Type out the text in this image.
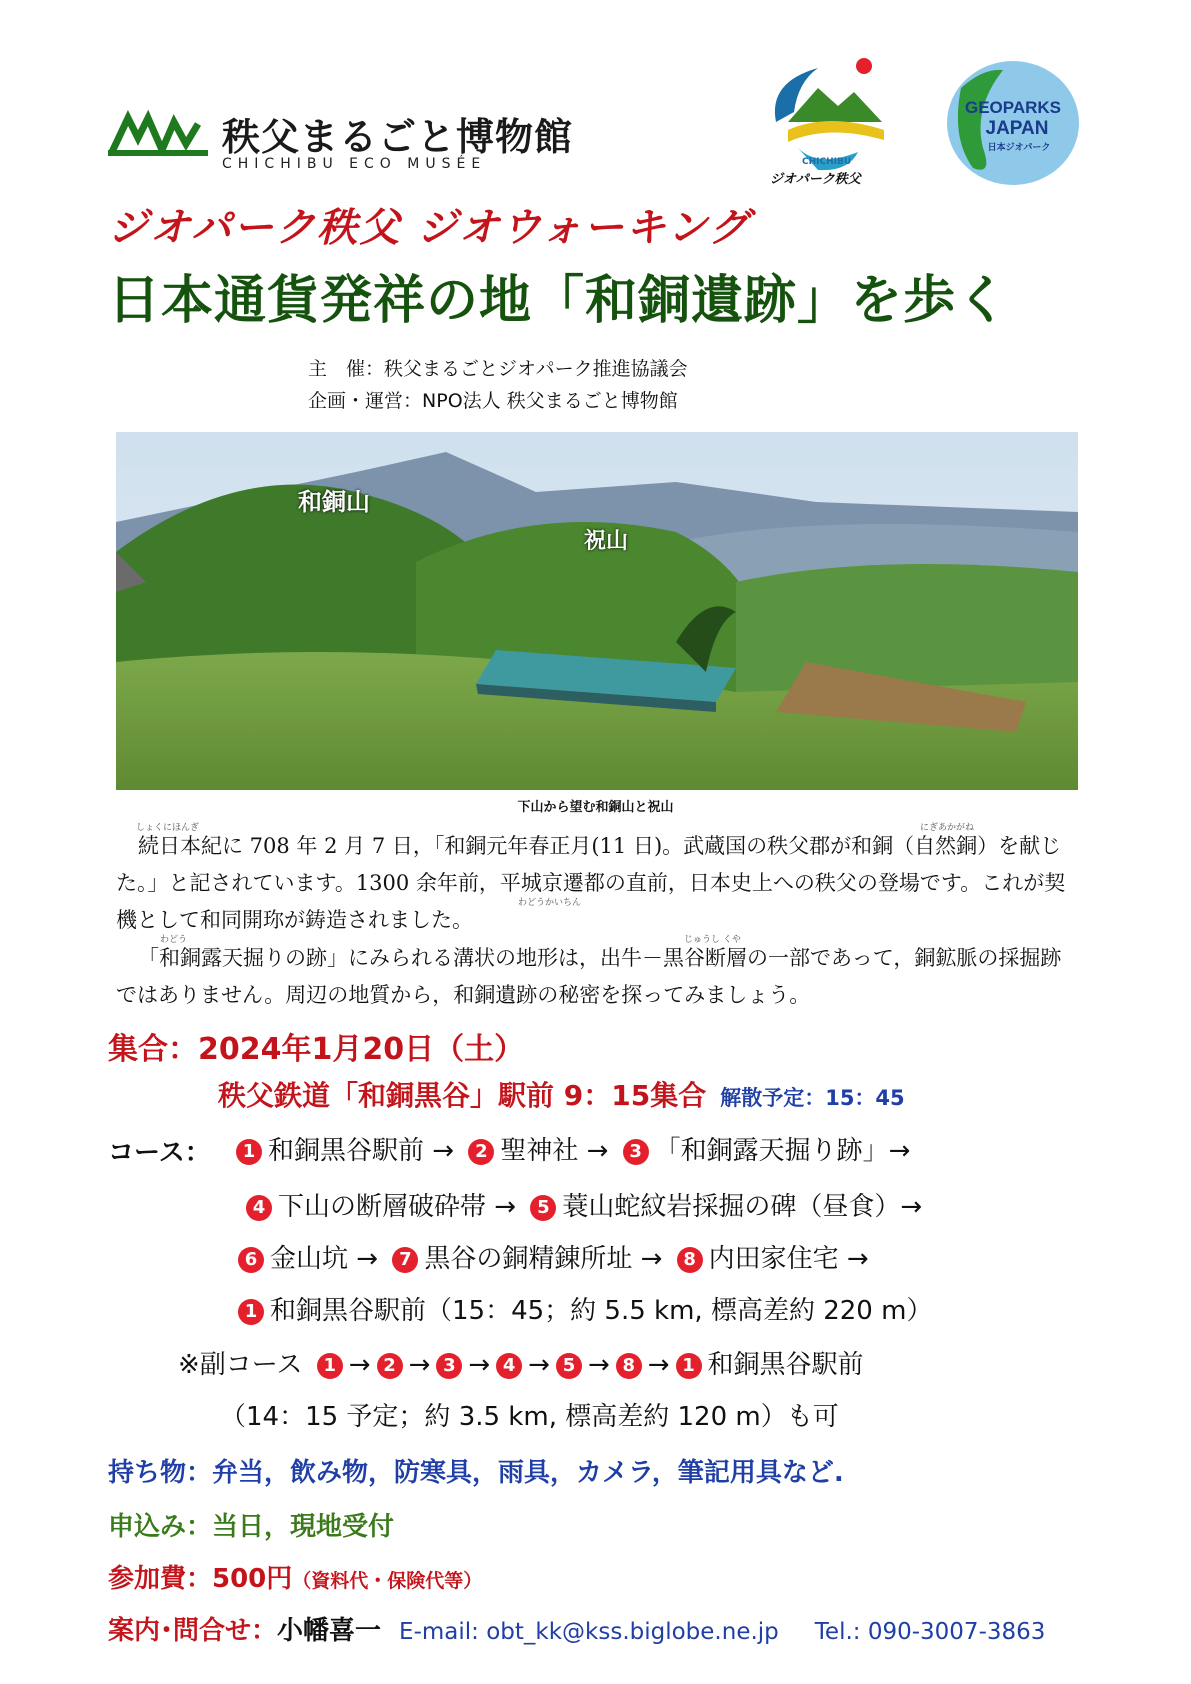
秩父まるごと博物館
CHICHIBU ECO MUSÉE	CHICHIBU
ジオパーク秩父
GEOPARKS
JAPAN
日本ジオパーク
ジオパーク秩父 ジオウォーキング
日本通貨発祥の地「和銅遺跡」を歩く
主　催：秩父まるごとジオパーク推進協議会
企画・運営：NPO法人 秩父まるごと博物館
和銅山
祝山
下山から望む和銅山と祝山
しょくにほんぎ	にぎあかがね

続日本紀に 708 年 2 月 7 日，「和銅元年春正月(11 日)。武蔵国の秩父郡が和銅（自然銅）を献じた。」と記されています。1300 余年前，平城京遷都の直前，日本史上への秩父の登場です。これが契機として和同開珎が鋳造されました。

わどうかいちん
わどう	じゅうし くや

「和銅露天掘りの跡」にみられる溝状の地形は，出牛－黒谷断層の一部であって，銅鉱脈の採掘跡ではありません。周辺の地質から，和銅遺跡の秘密を探ってみましょう。

集合：2024年1月20日（土）
秩父鉄道「和銅黒谷」駅前 9：15集合 解散予定：15：45
コース：	1 和銅黒谷駅前 → 2 聖神社 → 3 「和銅露天掘り跡」→
4 下山の断層破砕帯 → 5 蓑山蛇紋岩採掘の碑（昼食）→
6 金山坑 → 7 黒谷の銅精錬所址 → 8 内田家住宅 →
1 和銅黒谷駅前（15：45；約 5.5 km, 標高差約 220 m）
※副コース 1 → 2 → 3 → 4 → 5 → 8 → 1 和銅黒谷駅前
（14：15 予定；約 3.5 km, 標高差約 120 m）も可
持ち物：弁当，飲み物，防寒具，雨具，カメラ，筆記用具など.
申込み：当日，現地受付
参加費：500円（資料代・保険代等）
案内･問合せ：小幡喜一 E-mail: obt_kk@kss.biglobe.ne.jp Tel.: 090-3007-3863
